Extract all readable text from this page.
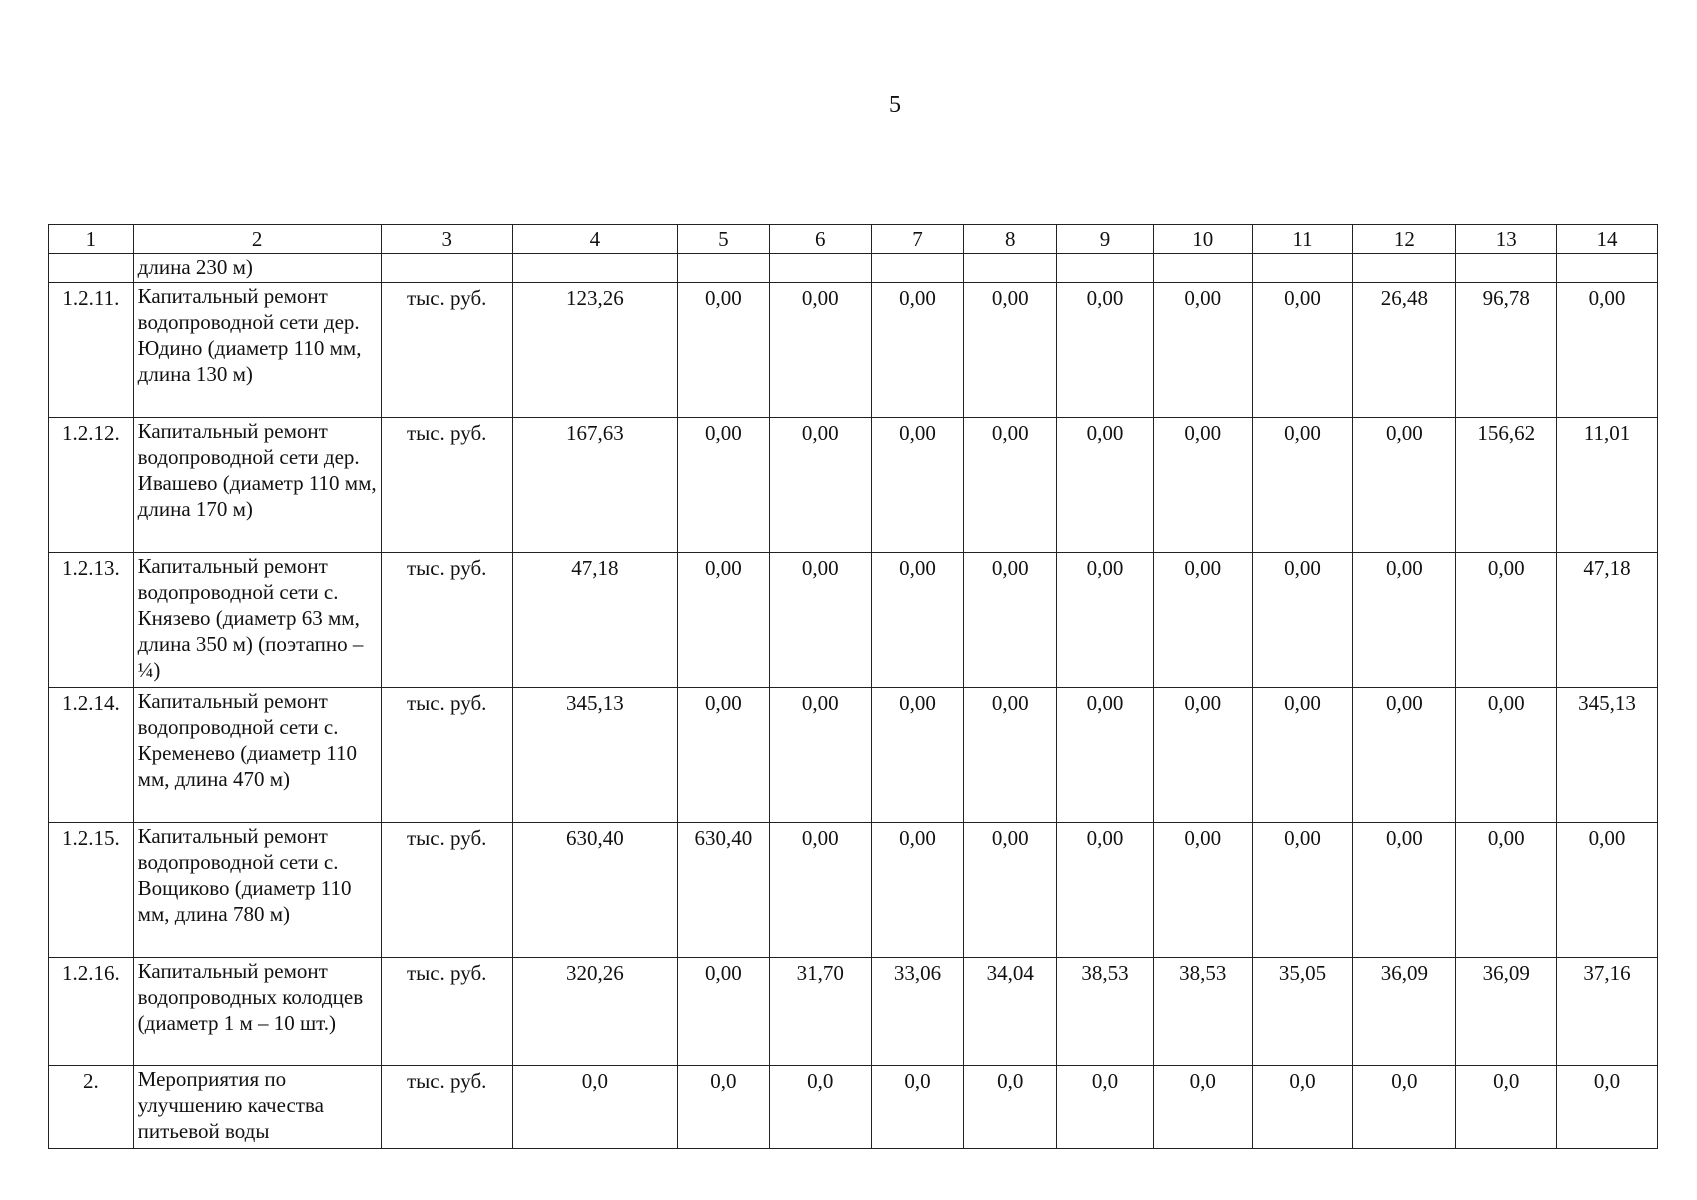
5
1	2	3	4	5	6	7	8	9	10	11	12	13	14
	длина 230 м)												
1.2.11.	Капитальный ремонт водопроводной сети дер. Юдино (диаметр 110 мм, длина 130 м)	тыс. руб.	123,26	0,00	0,00	0,00	0,00	0,00	0,00	0,00	26,48	96,78	0,00
1.2.12.	Капитальный ремонт водопроводной сети дер. Ивашево (диаметр 110 мм, длина 170 м)	тыс. руб.	167,63	0,00	0,00	0,00	0,00	0,00	0,00	0,00	0,00	156,62	11,01
1.2.13.	Капитальный ремонт водопроводной сети с. Князево (диаметр 63 мм, длина 350 м) (поэтапно – ¼)	тыс. руб.	47,18	0,00	0,00	0,00	0,00	0,00	0,00	0,00	0,00	0,00	47,18
1.2.14.	Капитальный ремонт водопроводной сети с. Кременево (диаметр 110 мм, длина 470 м)	тыс. руб.	345,13	0,00	0,00	0,00	0,00	0,00	0,00	0,00	0,00	0,00	345,13
1.2.15.	Капитальный ремонт водопроводной сети с. Вощиково (диаметр 110 мм, длина 780 м)	тыс. руб.	630,40	630,40	0,00	0,00	0,00	0,00	0,00	0,00	0,00	0,00	0,00
1.2.16.	Капитальный ремонт водопроводных колодцев (диаметр 1 м – 10 шт.)	тыс. руб.	320,26	0,00	31,70	33,06	34,04	38,53	38,53	35,05	36,09	36,09	37,16
2.	Мероприятия по улучшению качества питьевой воды	тыс. руб.	0,0	0,0	0,0	0,0	0,0	0,0	0,0	0,0	0,0	0,0	0,0
